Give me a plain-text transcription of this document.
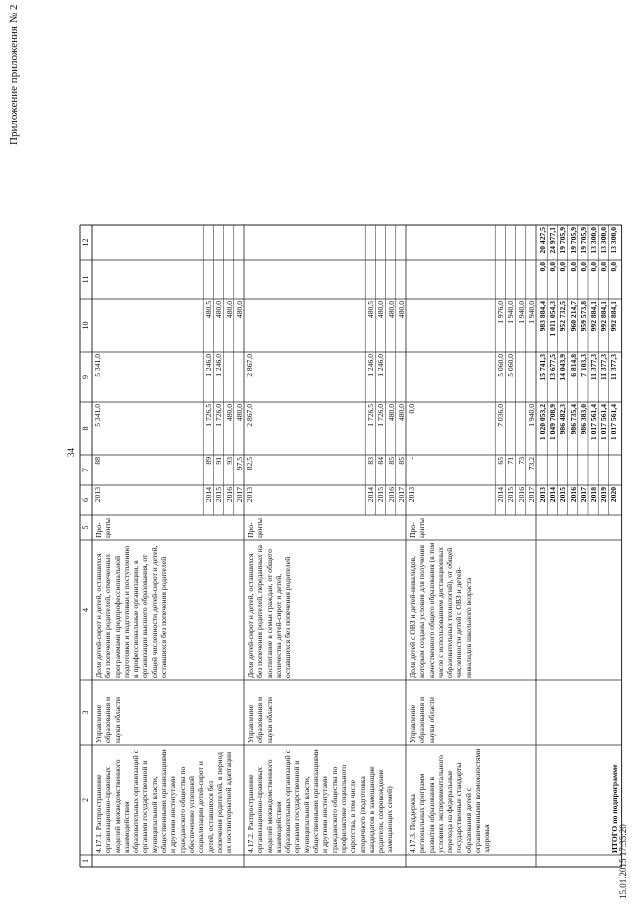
Приложение приложения № 2
34
15.01.2015 17:35:20
1
2
3
4
5
6
7
8
9
10
11
12
4.17.1. Распространение организационно-правовых моделей межведомственного взаимодействия образовательных организаций с органами государственной и муниципальной власти, общественными организациями и другими институтами гражданского общества по обеспечению успешной социализации детей-сирот и детей, оставшихся без попечения родителей, в период их постинтернатной адаптации
Управление образования и науки области
Доля детей-сирот и детей, оставшихся без попечения родителей, отмеченных программами предпрофессиональной подготовки и подготовки и поступлению в профессиональные организации, в организации высшего образования, от общей численности детей-сирот и детей, оставшихся без попечения родителей
Про-центы
2013
88
5 341,0
5 341,0
2014
89
1 726,5
1 246,0
480,5
2015
91
1 726,0
1 246,0
480,0
2016
93
480,0
480,0
2017
97,5
480,0
480,0
4.17.2. Распространение организационно-правовых моделей межведомственного взаимодействия образовательных организаций с органами государственной и муниципальной власти, общественными организациями и другими институтами гражданского общества по профилактике социального сиротства, в том числе вторичного (подготовка кандидатов в замещающие родители, сопровождение замещающих семей)
Управление образования и науки области
Доля детей-сирот и детей, оставшихся без попечения родителей, переданных на воспитание в семьи граждан, от общего количества детей-сирот и детей, оставшихся без попечения родителей
Про-центы
2013
82,5
2 867,0
2 867,0
2014
83
1 726,5
1 246,0
480,5
2015
84
1 726,0
1 246,0
480,0
2016
85
480,0
480,0
2017
85
480,0
480,0
4.17.3. Поддержка региональных программ развития образования в условиях экспериментального перехода на федеральные государственные стандарты образования детей с ограниченными возможностями здоровья
Управление образования и науки области
Доля детей с ОВЗ и детей-инвалидов, которым созданы условия для получения качественного общего образования (в том числе с использованием дистанционных образовательных технологий), от общей численности детей с ОВЗ и детей-инвалидов школьного возраста
Про-центы
2013
-
0,0
2014
65
7 036,0
5 060,0
1 976,0
2015
71
5 060,0
1 940,0
2016
73
1 940,0
2017
73,2
1 940,0
1 940,0
ИТОГО по подпрограмме
2013
1 020 053,2
15 741,3
983 884,4
0,0
20 427,5
2014
1 049 708,9
13 677,5
1 011 054,3
0,0
24 977,1
2015
986 482,3
14 043,9
952 732,5
0,0
19 705,9
2016
986 735,4
6 814,8
960 214,7
0,0
19 705,9
2017
986 383,0
7 103,3
959 573,8
0,0
19 705,9
2018
1 017 561,4
11 377,3
992 884,1
0,0
13 300,0
2019
1 017 561,4
11 377,3
992 884,1
0,0
13 300,0
2020
1 017 561,4
11 377,3
992 884,1
0,0
13 300,0
